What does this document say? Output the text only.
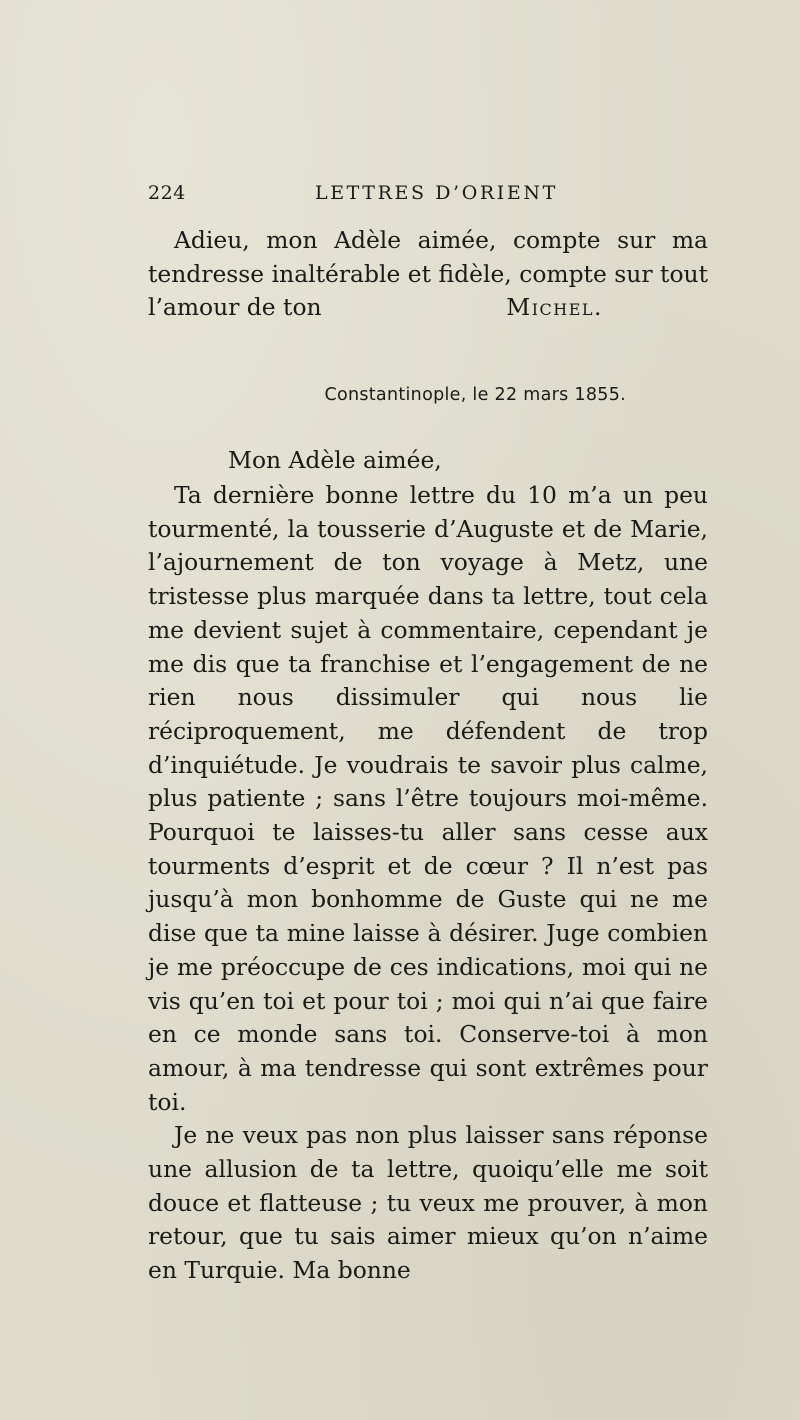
224	LETTRES D’ORIENT

Adieu, mon Adèle aimée, compte sur ma tendresse inaltérable et fidèle, compte sur tout l’amour de ton	Michel.
Constantinople, le 22 mars 1855.
Mon Adèle aimée,

Ta dernière bonne lettre du 10 m’a un peu tourmenté, la tousserie d’Auguste et de Marie, l’ajournement de ton voyage à Metz, une tristesse plus marquée dans ta lettre, tout cela me devient sujet à commentaire, cependant je me dis que ta franchise et l’engagement de ne rien nous dissimuler qui nous lie réciproquement, me défendent de trop d’inquiétude. Je voudrais te savoir plus calme, plus patiente ; sans l’être toujours moi-même. Pourquoi te laisses-tu aller sans cesse aux tourments d’esprit et de cœur ? Il n’est pas jusqu’à mon bonhomme de Guste qui ne me dise que ta mine laisse à désirer. Juge combien je me préoccupe de ces indications, moi qui ne vis qu’en toi et pour toi ; moi qui n’ai que faire en ce monde sans toi. Conserve-toi à mon amour, à ma tendresse qui sont extrêmes pour toi.

Je ne veux pas non plus laisser sans réponse une allusion de ta lettre, quoiqu’elle me soit douce et flatteuse ; tu veux me prouver, à mon retour, que tu sais aimer mieux qu’on n’aime en Turquie. Ma bonne
